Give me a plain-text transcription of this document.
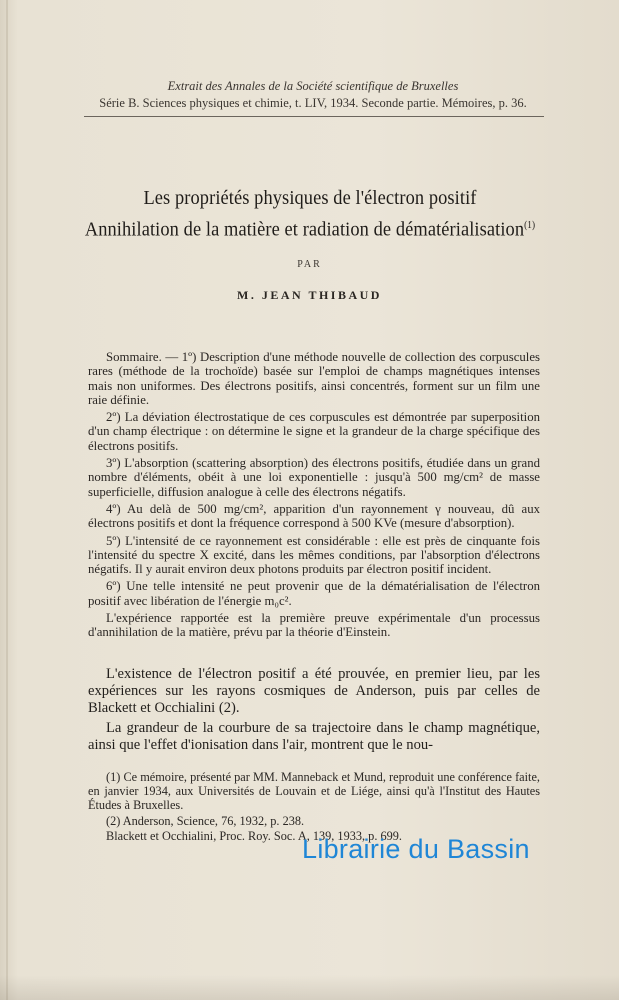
Extrait des Annales de la Société scientifique de Bruxelles
Série B. Sciences physiques et chimie, t. LIV, 1934. Seconde partie. Mémoires, p. 36.
Les propriétés physiques de l'électron positif
Annihilation de la matière et radiation de dématérialisation$^{(1)}$
PAR
M. JEAN THIBAUD

Sommaire. — 1º) Description d'une méthode nouvelle de collection des corpuscules rares (méthode de la trochoïde) basée sur l'emploi de champs magnétiques intenses mais non uniformes. Des électrons positifs, ainsi concentrés, forment sur un film une raie définie.

2º) La déviation électrostatique de ces corpuscules est démontrée par superposition d'un champ électrique : on détermine le signe et la grandeur de la charge spécifique des électrons positifs.

3º) L'absorption (scattering absorption) des électrons positifs, étudiée dans un grand nombre d'éléments, obéit à une loi exponentielle : jusqu'à 500 mg/cm² de masse superficielle, diffusion analogue à celle des électrons négatifs.

4º) Au delà de 500 mg/cm², apparition d'un rayonnement γ nouveau, dû aux électrons positifs et dont la fréquence correspond à 500 KVe (mesure d'absorption).

5º) L'intensité de ce rayonnement est considérable : elle est près de cinquante fois l'intensité du spectre X excité, dans les mêmes conditions, par l'absorption d'électrons négatifs. Il y aurait environ deux photons produits par électron positif incident.

6º) Une telle intensité ne peut provenir que de la dématérialisation de l'électron positif avec libération de l'énergie m₀c².

L'expérience rapportée est la première preuve expérimentale d'un processus d'annihilation de la matière, prévu par la théorie d'Einstein.

L'existence de l'électron positif a été prouvée, en premier lieu, par les expériences sur les rayons cosmiques de Anderson, puis par celles de Blackett et Occhialini (2).

La grandeur de la courbure de sa trajectoire dans le champ magnétique, ainsi que l'effet d'ionisation dans l'air, montrent que le nou-

(1) Ce mémoire, présenté par MM. Manneback et Mund, reproduit une conférence faite, en janvier 1934, aux Universités de Louvain et de Liége, ainsi qu'à l'Institut des Hautes Études à Bruxelles.

(2) Anderson, Science, 76, 1932, p. 238.

Blackett et Occhialini, Proc. Roy. Soc. A, 139, 1933, p. 699.

Librairie du Bassin
